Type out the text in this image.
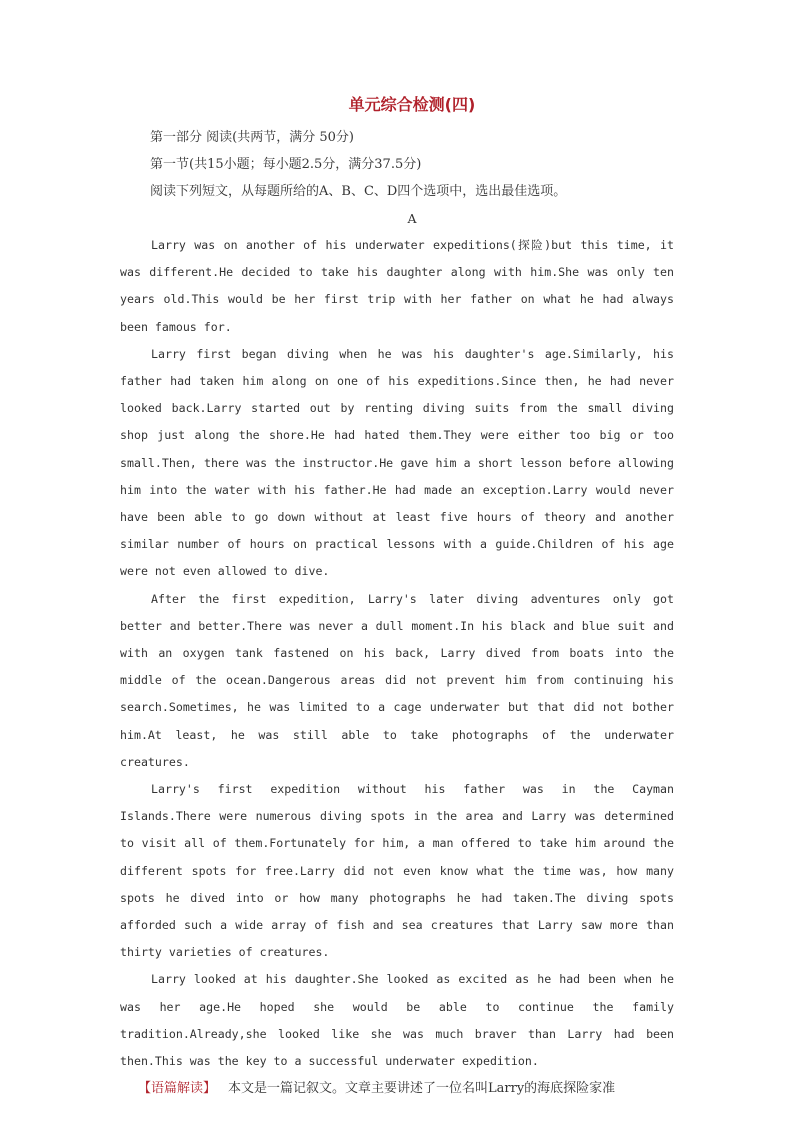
单元综合检测(四)
第一部分 阅读(共两节，满分 50分)
第一节(共15小题；每小题2.5分，满分37.5分)
阅读下列短文，从每题所给的A、B、C、D四个选项中，选出最佳选项。
A

Larry was on another of his underwater expeditions(探险)but this time, it was different.He decided to take his daughter along with him.She was only ten years old.This would be her first trip with her father on what he had always been famous for.

Larry first began diving when he was his daughter's age.Similarly, his father had taken him along on one of his expeditions.Since then, he had never looked back.Larry started out by renting diving suits from the small diving shop just along the shore.He had hated them.They were either too big or too small.Then, there was the instructor.He gave him a short lesson before allowing him into the water with his father.He had made an exception.Larry would never have been able to go down without at least five hours of theory and another similar number of hours on practical lessons with a guide.Children of his age were not even allowed to dive.

After the first expedition, Larry's later diving adventures only got better and better.There was never a dull moment.In his black and blue suit and with an oxygen tank fastened on his back, Larry dived from boats into the middle of the ocean.Dangerous areas did not prevent him from continuing his search.Sometimes, he was limited to a cage underwater but that did not bother him.At least, he was still able to take photographs of the underwater creatures.

Larry's first expedition without his father was in the Cayman Islands.There were numerous diving spots in the area and Larry was determined to visit all of them.Fortunately for him, a man offered to take him around the different spots for free.Larry did not even know what the time was, how many spots he dived into or how many photographs he had taken.The diving spots afforded such a wide array of fish and sea creatures that Larry saw more than thirty varieties of creatures.

Larry looked at his daughter.She looked as excited as he had been when he was her age.He hoped she would be able to continue the family tradition.Already,she looked like she was much braver than Larry had been then.This was the key to a successful underwater expedition.

【语篇解读】 本文是一篇记叙文。文章主要讲述了一位名叫Larry的海底探险家准
